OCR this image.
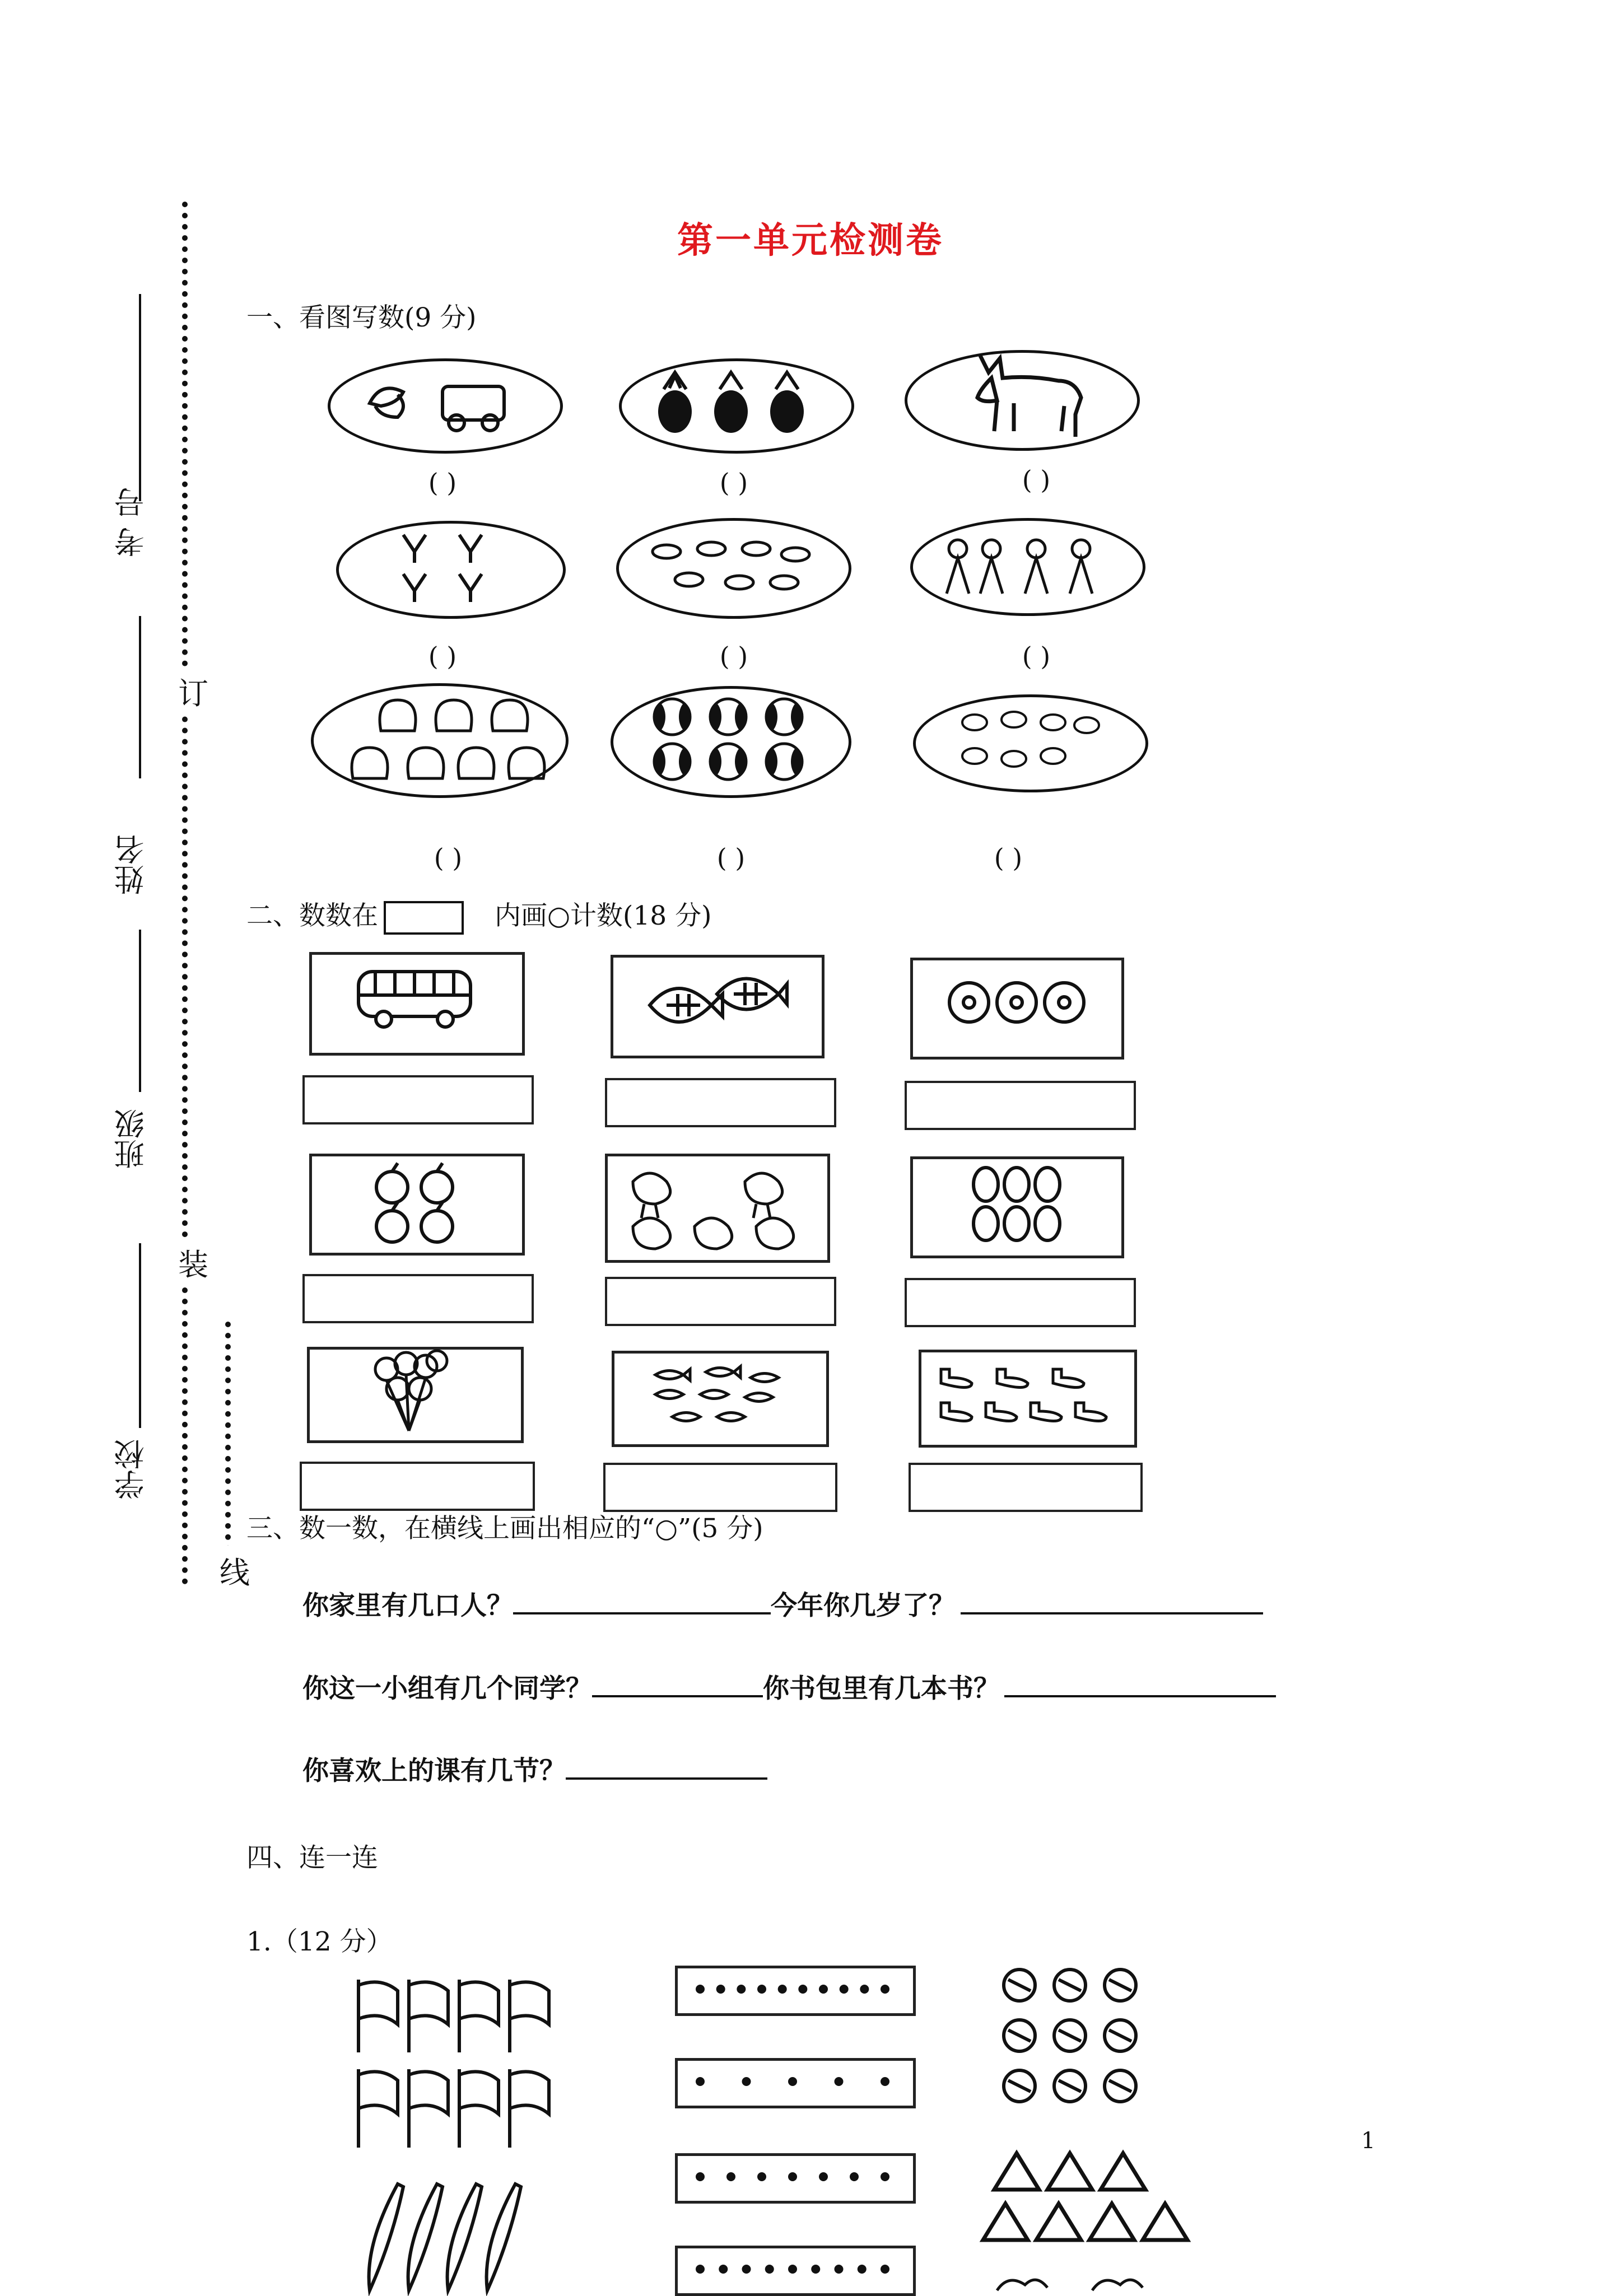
第一单元检测卷
订
装
线
考 号
姓名
班级
学校
一、看图写数(9 分)
( )	( )	( )
( )	( )	( )
( )	( )	( )
二、数数在	内画○计数(18 分)
三、数一数，在横线上画出相应的“○”(5 分)
你家里有几口人？	今年你几岁了？
你这一小组有几个同学？	你书包里有几本书？
你喜欢上的课有几节？
四、连一连
1.（12 分）
1
